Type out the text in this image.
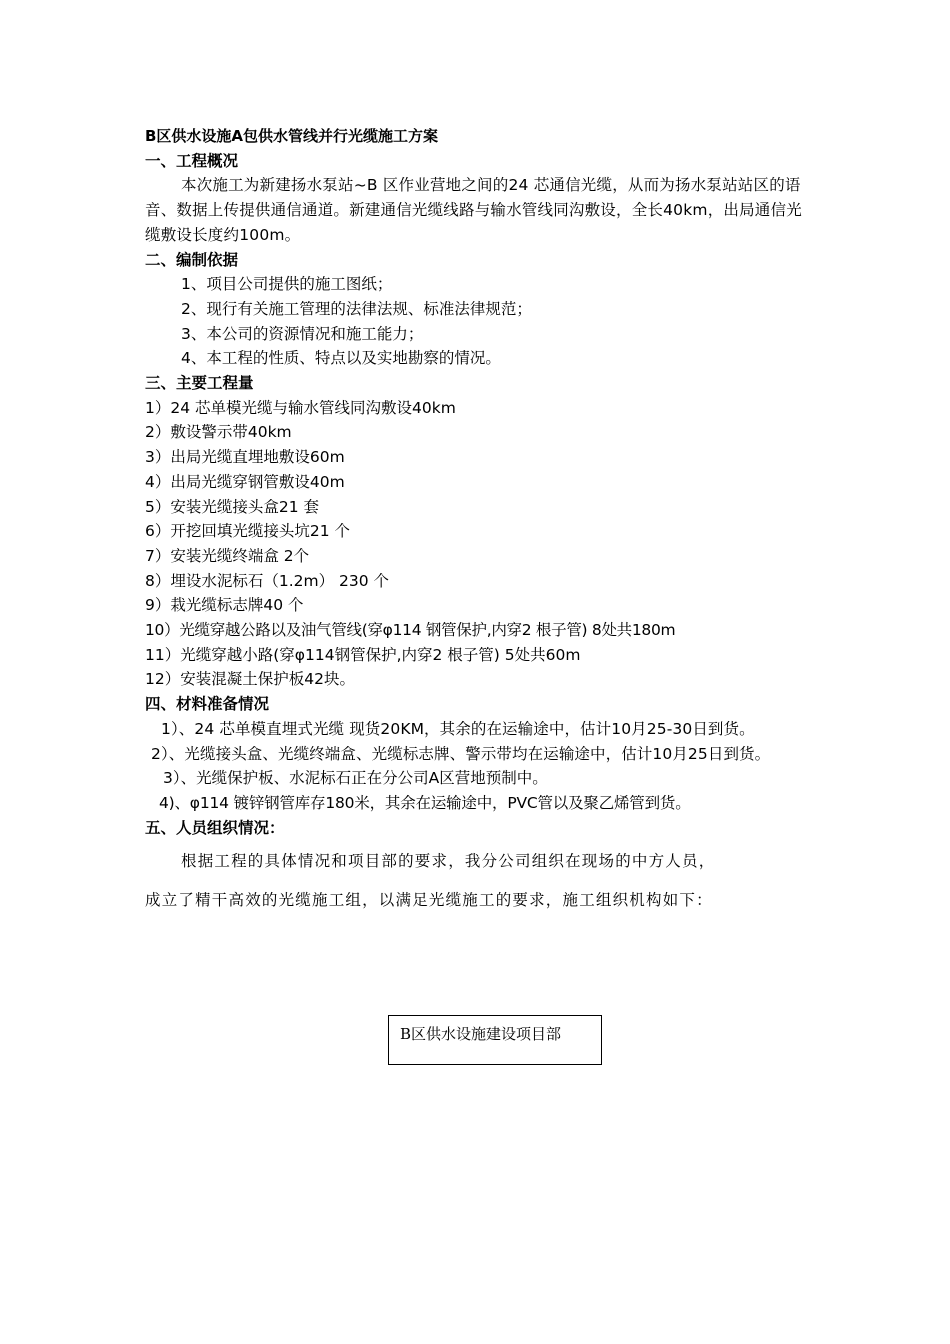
B区供水设施A包供水管线并行光缆施工方案
一、工程概况
本次施工为新建扬水泵站~B 区作业营地之间的24 芯通信光缆，从而为扬水泵站站区的语音、数据上传提供通信通道。新建通信光缆线路与输水管线同沟敷设，全长40km，出局通信光缆敷设长度约100m。
二、编制依据
1、项目公司提供的施工图纸；
2、现行有关施工管理的法律法规、标准法律规范；
3、本公司的资源情况和施工能力；
4、本工程的性质、特点以及实地勘察的情况。
三、主要工程量
1）24 芯单模光缆与输水管线同沟敷设40km
2）敷设警示带40km
3）出局光缆直埋地敷设60m
4）出局光缆穿钢管敷设40m
5）安装光缆接头盒21 套
6）开挖回填光缆接头坑21 个
7）安装光缆终端盒 2个
8）埋设水泥标石（1.2m） 230 个
9）栽光缆标志牌40 个
10）光缆穿越公路以及油气管线(穿φ114 钢管保护,内穿2 根子管) 8处共180m
11）光缆穿越小路(穿φ114钢管保护,内穿2 根子管) 5处共60m
12）安装混凝土保护板42块。
四、材料准备情况
1）、24 芯单模直埋式光缆 现货20KM，其余的在运输途中，估计10月25-30日到货。
2）、光缆接头盒、光缆终端盒、光缆标志牌、警示带均在运输途中，估计10月25日到货。
3）、光缆保护板、水泥标石正在分公司A区营地预制中。
4)、φ114 镀锌钢管库存180米，其余在运输途中，PVC管以及聚乙烯管到货。
五、人员组织情况：
根据工程的具体情况和项目部的要求，我分公司组织在现场的中方人员，
成立了精干高效的光缆施工组，以满足光缆施工的要求，施工组织机构如下：
B区供水设施建设项目部
